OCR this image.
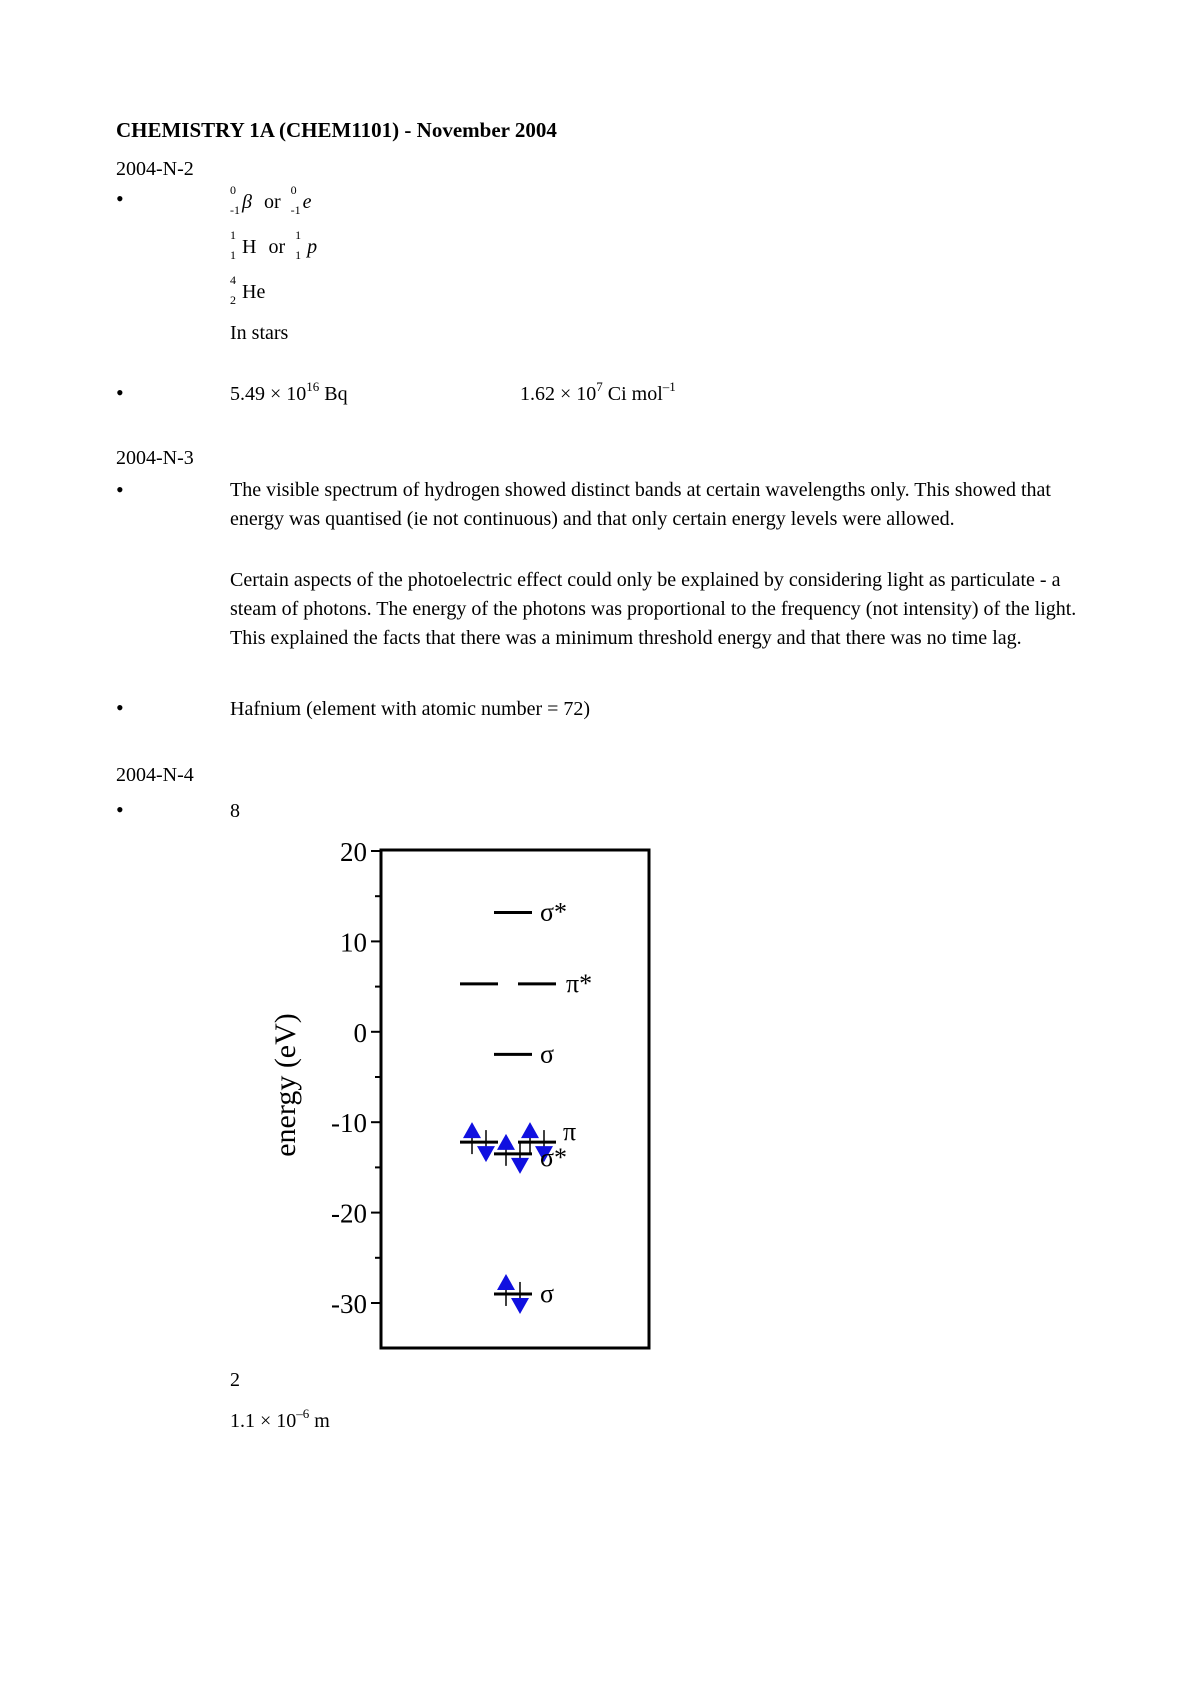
CHEMISTRY 1A (CHEM1101) - November 2004
2004-N-2
•	0
-1 β or
0
-1 e
1
1 H or
1
1 p
4
2 He
In stars
•	$5.49 \times 10^{16}$ Bq	$1.62 \times 10^7$ Ci mol$^{-1}$
2004-N-3
•	The visible spectrum of hydrogen showed distinct bands at certain wavelengths only. This showed that energy was quantised (ie not continuous) and that only certain energy levels were allowed.
Certain aspects of the photoelectric effect could only be explained by considering light as particulate - a steam of photons. The energy of the photons was proportional to the frequency (not intensity) of the light. This explained the facts that there was a minimum threshold energy and that there was no time lag.
•	Hafnium (element with atomic number = 72)
2004-N-4
•	8
energy (eV)
20
10
0
-10
-20
-30	σ
σ*
π
σ
π*
σ*
2
$1.1 \times 10^{-6}$ m
